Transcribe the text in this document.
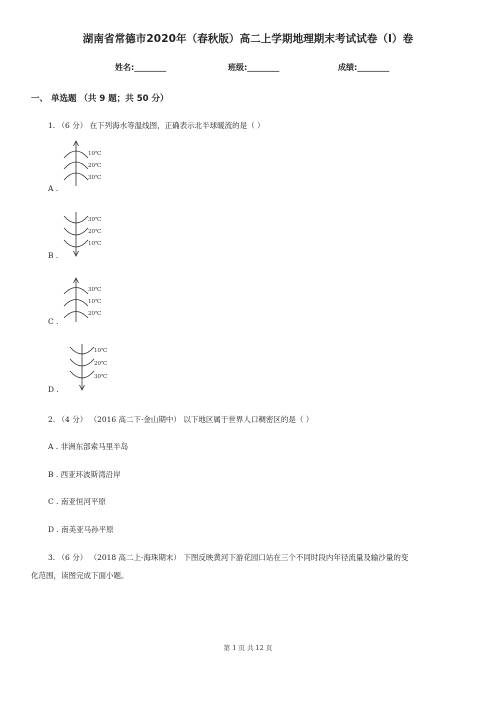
湖南省常德市2020年（春秋版）高二上学期地理期末考试试卷（I）卷
姓名:________	班级:________	成绩:________
一、 单选题 （共 9 题；共 50 分）
1. （6 分） 在下列海水等温线图，正确表示北半球暖流的是（ ）
10℃
20℃
30℃
A .
30℃
20℃
10℃
B .
30℃
10℃
20℃
C .
10℃
20℃
30℃
D .
2. （4 分） （2016 高二下·金山期中） 以下地区属于世界人口稠密区的是（ ）
A . 非洲东部索马里半岛
B . 西亚环波斯湾沿岸
C . 南亚恒河平原
D . 南美亚马孙平原
3. （6 分） （2018 高二上·海珠期末） 下图反映黄河下游花园口站在三个不同时段内年径流量及输沙量的变
化范围，读图完成下面小题。
第 1 页 共 12 页
